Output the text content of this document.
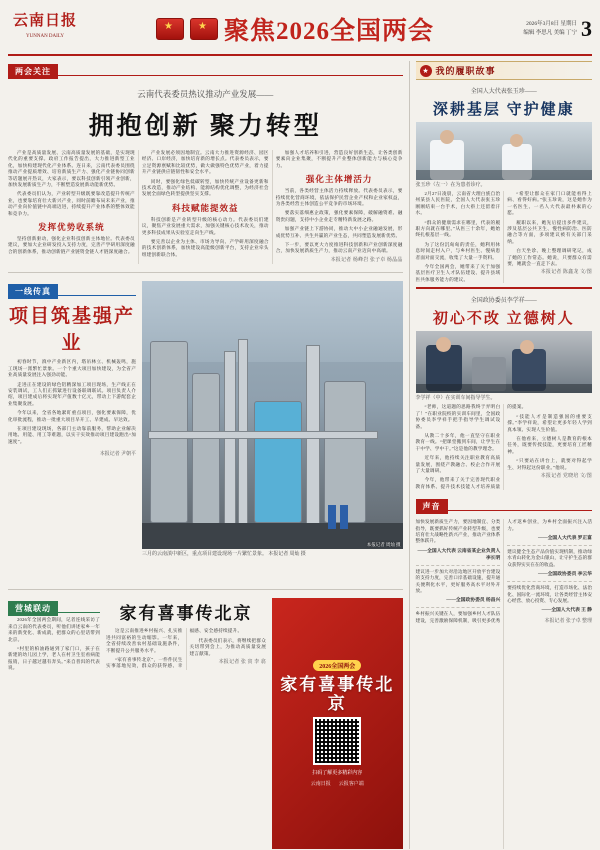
云南日报
YUNNAN DAILY ★ ★	聚焦2026全国两会	2026年3月8日 星期日
编辑 李思凡 美编 丁宁 3
两会关注
云南代表委员热议推动产业发展——
拥抱创新 聚力转型

产业是高质量发展、云南高质量发展的基础，是实现现代化的重要支撑。政府工作报告提出，大力推进新型工业化，加快构建现代化产业体系。连日来，云南代表委员围绕推动产业提质增效、培育新质生产力、强化产业链协同创新等话题展开热议，大家表示，要以科技创新引领产业创新，加快发展新质生产力，不断塑造发展新动能新优势。

代表委员们认为，产业转型升级既要靠改造提升传统产业，也要靠培育壮大新兴产业，同时前瞻布局未来产业，推动产业向价值链中高端迈进，持续提升产业体系的整体效能和竞争力。

发挥优势收系统

坚持创新驱动，强化企业科技创新主体地位。代表委员建议，要加大企业研发投入支持力度，完善产学研用深度融合的创新体系，推动创新链产业链资金链人才链深度融合。

产业发展必须因地制宜。云南大力推进资源经济、园区经济、口岸经济，加快培育新的增长点。代表委员表示，要立足资源禀赋和比较优势，做大做强特色优势产业，着力提升产业链供应链韧性和安全水平。

同时，要强化绿色低碳转型，加快传统产业设备更新和技术改造，推动产业结构、能源结构优化调整，为经济社会发展全面绿色转型提供坚实支撑。

科技赋能提效益

科技创新是产业转型升级的核心动力。代表委员们建议，聚焦产业发展重大需求，加强关键核心技术攻关，推动更多科技成果从实验室走向生产线。

要完善以企业为主体、市场为导向、产学研用深度融合的技术创新体系，加快建设高能级创新平台，支持企业牵头组建创新联合体。

加强人才培养和引进，营造良好创新生态，让各类创新要素向企业集聚，不断提升产业整体创新能力与核心竞争力。

强化主体增活力

当前，各类经营主体活力持续释放。代表委员表示，要持续优化营商环境，依法保护民营企业产权和企业家权益，为各类经营主体创造公平竞争的市场环境。

要落实落细惠企政策，强化要素保障，破解融资难、融资贵问题，支持中小企业走专精特新发展之路。

加强产业链上下游协同，推动大中小企业融通发展，形成优势互补、共生共赢的产业生态，共同塑造发展新优势。

下一步，要以更大力度推进科技创新和产业创新深度融合，加快发展新质生产力，推动云南产业迈向中高端。

本报记者 杨峰岩 张子卓 杨晶晶
一线传真
项目筑基强产业

初春时节，滇中产业新区内，塔吊林立、机械轰鸣，施工现场一派繁忙景象。一个个重大项目加快建设，为全省产业高质量发展注入强劲动能。

走进正在建设的绿色铝精深加工项目现场，生产线正在安装调试，工人们正抓紧进行设备联调联试。项目负责人介绍，项目建成后将实现年产值数十亿元，带动上下游配套企业集聚发展。

今年以来，全省各地紧盯重点项目，强化要素保障，优化审批流程，推动一批重大项目早开工、早建成、早达效。

在项目建设现场，各部门主动靠前服务，帮助企业解决用地、用能、用工等难题，以实干实效推动项目建设跑出“加速度”。

本报记者 尹朝平
本报记者 周灿 摄
三月的云南滇中新区，重点项目建设现场一片繁忙景象。 本报记者 周灿 摄
营城联动

2026年全国两会期间，记者连线采访了来自云南的代表委员，听他们讲述家乡一年来的新变化、新成就，把群众的心里话带到北京。

“村里的柏油路通到了家门口，孩子在新建的幼儿园上学，老人在村卫生室看病能报销，日子越过越有奔头。”来自普洱的代表说。

家有喜事传北京

这是云南推进乡村振兴、扎实推进共同富裕的生动缩影。一年来，全省持续改善农村基础设施条件，不断提升公共服务水平。

“家有喜事传北京”，一件件民生实事落地见效，群众的获得感、幸福感、安全感持续提升。

代表委员们表示，将继续把群众关切带到会上，为推动高质量发展建言献策。

本报记者 张 寅 李 翕
2026全国两会
家有喜事传北京
扫码了解更多精彩内容
云南日报 云报客户端
★ 我的履职故事
全国人大代表张玉珍——
深耕基层 守护健康
张玉珍（左一）在为患者诊疗。

2月27日凌晨，云南省大理白族自治州某县人民医院，全国人大代表张玉珍刚刚结束一台手术，白大褂上还留着汗水。

“群众的健康需求在哪里，代表的履职方向就在哪里。”从医三十余年，她始终扎根基层一线。

为了这份沉甸甸的责任，她利用休息时间走村入户，与乡村医生、慢病患者面对面交流，收集了大量一手资料。

今年全国两会，她带来了关于加强基层医疗卫生人才队伍建设、提升县域医共体服务能力的建议。

“希望让群众在家门口就能看得上病、看得好病。”张玉珍说，这是她作为一名医生、一名人大代表最朴素的心愿。

履职以来，她先后提出多件建议，涉及基层公共卫生、慢性病防治、医防融合等方面，多项建议被有关部门采纳。

白天坐诊、晚上整理调研笔记，成了她的工作常态。她说，只要群众有需要，她就会一直走下去。

本报记者 陈鑫龙 文/图
全国政协委员李学祥——
初心不改 立德树人
李学祥（中）在实训车间指导学生。

“老师，这道题的思路我终于弄明白了！”在职业院校的实训车间里，全国政协委员李学祥手把手指导学生调试设备。

从教二十多年，他一直坚守在职业教育一线。“把课堂搬到车间，让学生在干中学、学中干。”这是他的教学理念。

近年来，他持续关注职业教育高质量发展，围绕产教融合、校企合作开展了大量调研。

今年，他带来了关于完善现代职业教育体系、提升技术技能人才培养质量的提案。

“技能人才是制造强国的重要支撑。”李学祥说，希望让更多年轻人学到真本领、实现人生价值。

在他看来，立德树人是教育的根本任务，既要传授技能，更要培育工匠精神。

“只要站在讲台上，就要对得起学生、对得起这份职业。”他说。

本报记者 党晓培 文/图
声音
加快发展新质生产力，要因地制宜、分类指导，既要抓好传统产业转型升级，也要培育壮大战略性新兴产业，推动产业体系整体跃升。
——全国人大代表 云南省某企业负责人 李长明
建议进一步加大对沿边地区开放平台建设的支持力度，完善口岸基础设施，提升通关便利化水平，更好服务高水平对外开放。
——全国政协委员 杨昌兴
乡村振兴关键在人，要加强乡村人才队伍建设，完善激励保障机制，吸引更多优秀人才返乡创业，为乡村全面振兴注入活力。
——全国人大代表 罗正富
建议健全生态产品价值实现机制，推动绿水青山转化为金山银山，让守护生态的群众获得实实在在的收益。
——全国政协委员 李云华
要持续优化营商环境，打造市场化、法治化、国际化一流环境，让各类经营主体安心经营、放心投资、专心发展。
——全国人大代表 王 静
本报记者 张子卓 整理
